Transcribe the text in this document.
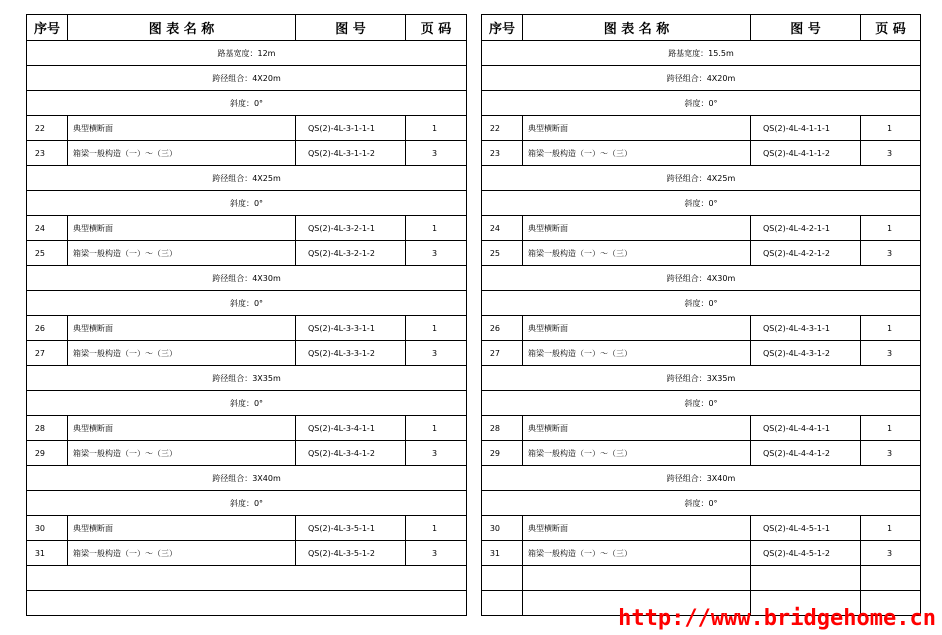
序号	图 表 名 称	图 号	页 码
路基宽度：12m			
跨径组合：4X20m			
斜度：0°			
22	典型横断面	QS(2)-4L-3-1-1-1	1
23	箱梁一般构造（一）～（三）	QS(2)-4L-3-1-1-2	3
跨径组合：4X25m			
斜度：0°			
24	典型横断面	QS(2)-4L-3-2-1-1	1
25	箱梁一般构造（一）～（三）	QS(2)-4L-3-2-1-2	3
跨径组合：4X30m			
斜度：0°			
26	典型横断面	QS(2)-4L-3-3-1-1	1
27	箱梁一般构造（一）～（三）	QS(2)-4L-3-3-1-2	3
跨径组合：3X35m			
斜度：0°			
28	典型横断面	QS(2)-4L-3-4-1-1	1
29	箱梁一般构造（一）～（三）	QS(2)-4L-3-4-1-2	3
跨径组合：3X40m			
斜度：0°			
30	典型横断面	QS(2)-4L-3-5-1-1	1
31	箱梁一般构造（一）～（三）	QS(2)-4L-3-5-1-2	3

序号	图 表 名 称	图 号	页 码
路基宽度：15.5m			
跨径组合：4X20m			
斜度：0°			
22	典型横断面	QS(2)-4L-4-1-1-1	1
23	箱梁一般构造（一）～（三）	QS(2)-4L-4-1-1-2	3
跨径组合：4X25m			
斜度：0°			
24	典型横断面	QS(2)-4L-4-2-1-1	1
25	箱梁一般构造（一）～（三）	QS(2)-4L-4-2-1-2	3
跨径组合：4X30m			
斜度：0°			
26	典型横断面	QS(2)-4L-4-3-1-1	1
27	箱梁一般构造（一）～（三）	QS(2)-4L-4-3-1-2	3
跨径组合：3X35m			
斜度：0°			
28	典型横断面	QS(2)-4L-4-4-1-1	1
29	箱梁一般构造（一）～（三）	QS(2)-4L-4-4-1-2	3
跨径组合：3X40m			
斜度：0°			
30	典型横断面	QS(2)-4L-4-5-1-1	1
31	箱梁一般构造（一）～（三）	QS(2)-4L-4-5-1-2	3

http://www.bridgehome.cn
